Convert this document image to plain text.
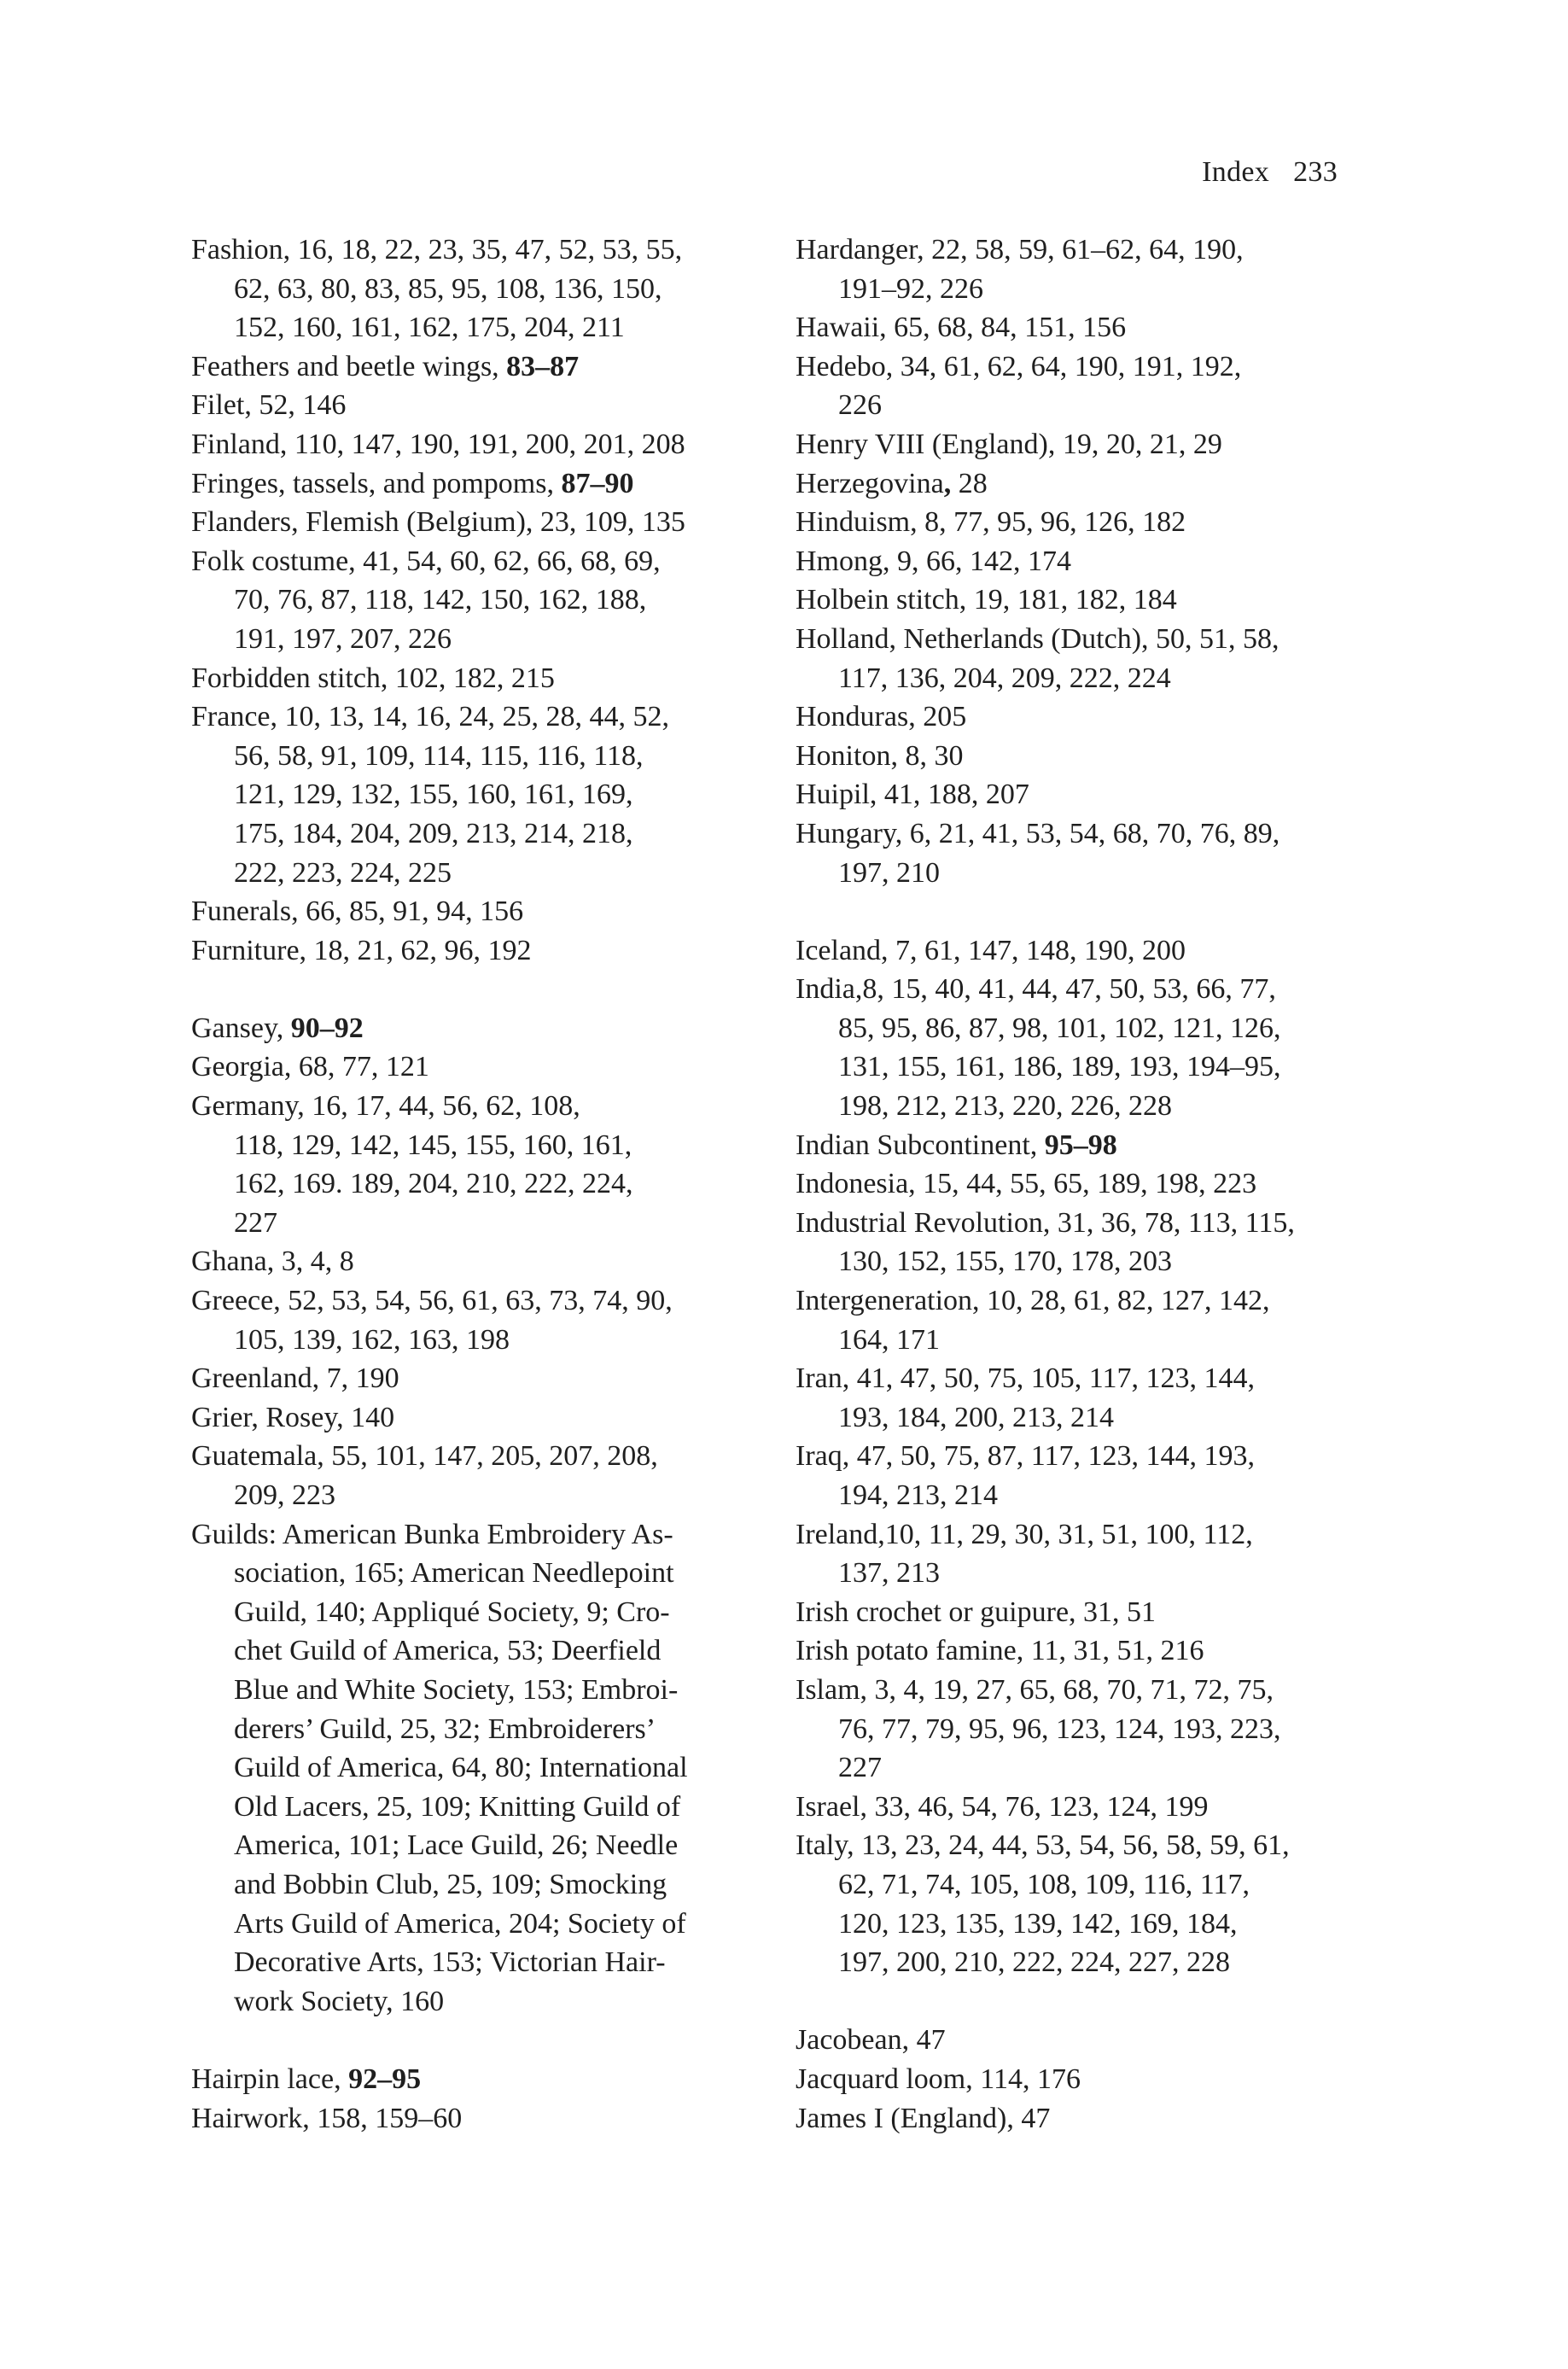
Index 233
Fashion, 16, 18, 22, 23, 35, 47, 52, 53, 55,
62, 63, 80, 83, 85, 95, 108, 136, 150,
152, 160, 161, 162, 175, 204, 211
Feathers and beetle wings, 83–87
Filet, 52, 146
Finland, 110, 147, 190, 191, 200, 201, 208
Fringes, tassels, and pompoms, 87–90
Flanders, Flemish (Belgium), 23, 109, 135
Folk costume, 41, 54, 60, 62, 66, 68, 69,
70, 76, 87, 118, 142, 150, 162, 188,
191, 197, 207, 226
Forbidden stitch, 102, 182, 215
France, 10, 13, 14, 16, 24, 25, 28, 44, 52,
56, 58, 91, 109, 114, 115, 116, 118,
121, 129, 132, 155, 160, 161, 169,
175, 184, 204, 209, 213, 214, 218,
222, 223, 224, 225
Funerals, 66, 85, 91, 94, 156
Furniture, 18, 21, 62, 96, 192
Gansey, 90–92
Georgia, 68, 77, 121
Germany, 16, 17, 44, 56, 62, 108,
118, 129, 142, 145, 155, 160, 161,
162, 169. 189, 204, 210, 222, 224,
227
Ghana, 3, 4, 8
Greece, 52, 53, 54, 56, 61, 63, 73, 74, 90,
105, 139, 162, 163, 198
Greenland, 7, 190
Grier, Rosey, 140
Guatemala, 55, 101, 147, 205, 207, 208,
209, 223
Guilds: American Bunka Embroidery As-
sociation, 165; American Needlepoint
Guild, 140; Appliqué Society, 9; Cro-
chet Guild of America, 53; Deerfield
Blue and White Society, 153; Embroi-
derers’ Guild, 25, 32; Embroiderers’
Guild of America, 64, 80; International
Old Lacers, 25, 109; Knitting Guild of
America, 101; Lace Guild, 26; Needle
and Bobbin Club, 25, 109; Smocking
Arts Guild of America, 204; Society of
Decorative Arts, 153; Victorian Hair-
work Society, 160
Hairpin lace, 92–95
Hairwork, 158, 159–60
Hardanger, 22, 58, 59, 61–62, 64, 190,
191–92, 226
Hawaii, 65, 68, 84, 151, 156
Hedebo, 34, 61, 62, 64, 190, 191, 192,
226
Henry VIII (England), 19, 20, 21, 29
Herzegovina, 28
Hinduism, 8, 77, 95, 96, 126, 182
Hmong, 9, 66, 142, 174
Holbein stitch, 19, 181, 182, 184
Holland, Netherlands (Dutch), 50, 51, 58,
117, 136, 204, 209, 222, 224
Honduras, 205
Honiton, 8, 30
Huipil, 41, 188, 207
Hungary, 6, 21, 41, 53, 54, 68, 70, 76, 89,
197, 210
Iceland, 7, 61, 147, 148, 190, 200
India,8, 15, 40, 41, 44, 47, 50, 53, 66, 77,
85, 95, 86, 87, 98, 101, 102, 121, 126,
131, 155, 161, 186, 189, 193, 194–95,
198, 212, 213, 220, 226, 228
Indian Subcontinent, 95–98
Indonesia, 15, 44, 55, 65, 189, 198, 223
Industrial Revolution, 31, 36, 78, 113, 115,
130, 152, 155, 170, 178, 203
Intergeneration, 10, 28, 61, 82, 127, 142,
164, 171
Iran, 41, 47, 50, 75, 105, 117, 123, 144,
193, 184, 200, 213, 214
Iraq, 47, 50, 75, 87, 117, 123, 144, 193,
194, 213, 214
Ireland,10, 11, 29, 30, 31, 51, 100, 112,
137, 213
Irish crochet or guipure, 31, 51
Irish potato famine, 11, 31, 51, 216
Islam, 3, 4, 19, 27, 65, 68, 70, 71, 72, 75,
76, 77, 79, 95, 96, 123, 124, 193, 223,
227
Israel, 33, 46, 54, 76, 123, 124, 199
Italy, 13, 23, 24, 44, 53, 54, 56, 58, 59, 61,
62, 71, 74, 105, 108, 109, 116, 117,
120, 123, 135, 139, 142, 169, 184,
197, 200, 210, 222, 224, 227, 228
Jacobean, 47
Jacquard loom, 114, 176
James I (England), 47
